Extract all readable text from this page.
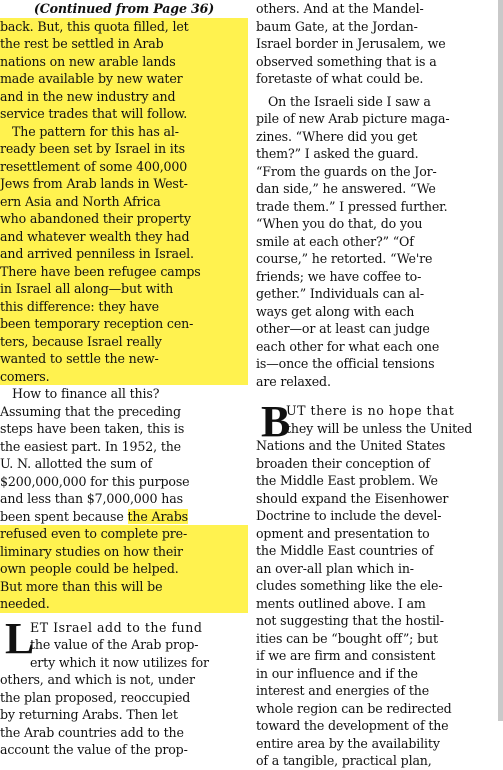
(Continued from Page 36)
back. But, this quota filled, let
the rest be settled in Arab
nations on new arable lands
made available by new water
and in the new industry and
service trades that will follow.
The pattern for this has al-
ready been set by Israel in its
resettlement of some 400,000
Jews from Arab lands in West-
ern Asia and North Africa
who abandoned their property
and whatever wealth they had
and arrived penniless in Israel.
There have been refugee camps
in Israel all along—but with
this difference: they have
been temporary reception cen-
ters, because Israel really
wanted to settle the new-
comers.
How to finance all this?
Assuming that the preceding
steps have been taken, this is
the easiest part. In 1952, the
U. N. allotted the sum of
$200,000,000 for this purpose
and less than $7,000,000 has
been spent because the Arabs
refused even to complete pre-
liminary studies on how their
own people could be helped.
But more than this will be
needed.
L
ET Israel add to the fund
the value of the Arab prop-
erty which it now utilizes for
others, and which is not, under
the plan proposed, reoccupied
by returning Arabs. Then let
the Arab countries add to the
account the value of the prop-
others. And at the Mandel-
baum Gate, at the Jordan-
Israel border in Jerusalem, we
observed something that is a
foretaste of what could be.
On the Israeli side I saw a
pile of new Arab picture maga-
zines. “Where did you get
them?” I asked the guard.
“From the guards on the Jor-
dan side,” he answered. “We
trade them.” I pressed further.
“When you do that, do you
smile at each other?” “Of
course,” he retorted. “We're
friends; we have coffee to-
gether.” Individuals can al-
ways get along with each
other—or at least can judge
each other for what each one
is—once the official tensions
are relaxed.
B
UT there is no hope that
they will be unless the United
Nations and the United States
broaden their conception of
the Middle East problem. We
should expand the Eisenhower
Doctrine to include the devel-
opment and presentation to
the Middle East countries of
an over-all plan which in-
cludes something like the ele-
ments outlined above. I am
not suggesting that the hostil-
ities can be “bought off”; but
if we are firm and consistent
in our influence and if the
interest and energies of the
whole region can be redirected
toward the development of the
entire area by the availability
of a tangible, practical plan,
